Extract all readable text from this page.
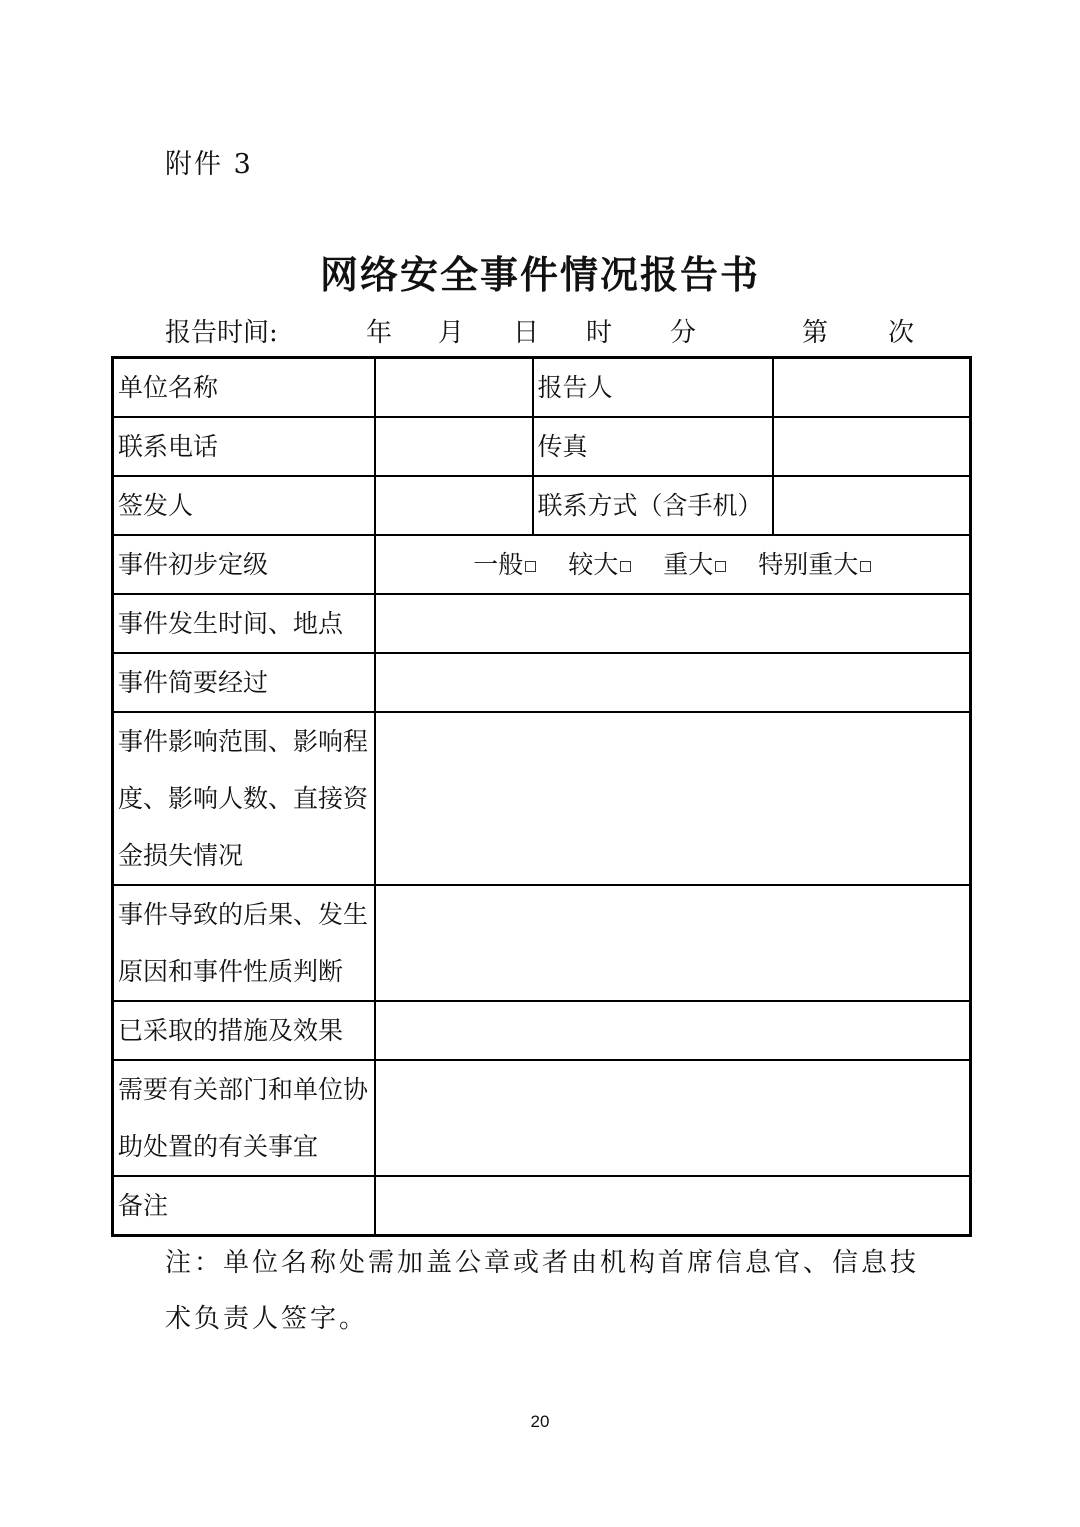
附件 3
网络安全事件情况报告书
报告时间:	年 月 日 时 分	第 次
单位名称		报告人	
联系电话		传真	
签发人		联系方式（含手机）	
事件初步定级	一般 较大 重大 特别重大		
事件发生时间、地点			
事件简要经过			

事件影响范围、影响程
度、影响人数、直接资
金损失情况			

事件导致的后果、发生
原因和事件性质判断			

已采取的措施及效果			

需要有关部门和单位协
助处置的有关事宜			

备注			
注：单位名称处需加盖公章或者由机构首席信息官、信息技术负责人签字。
20
